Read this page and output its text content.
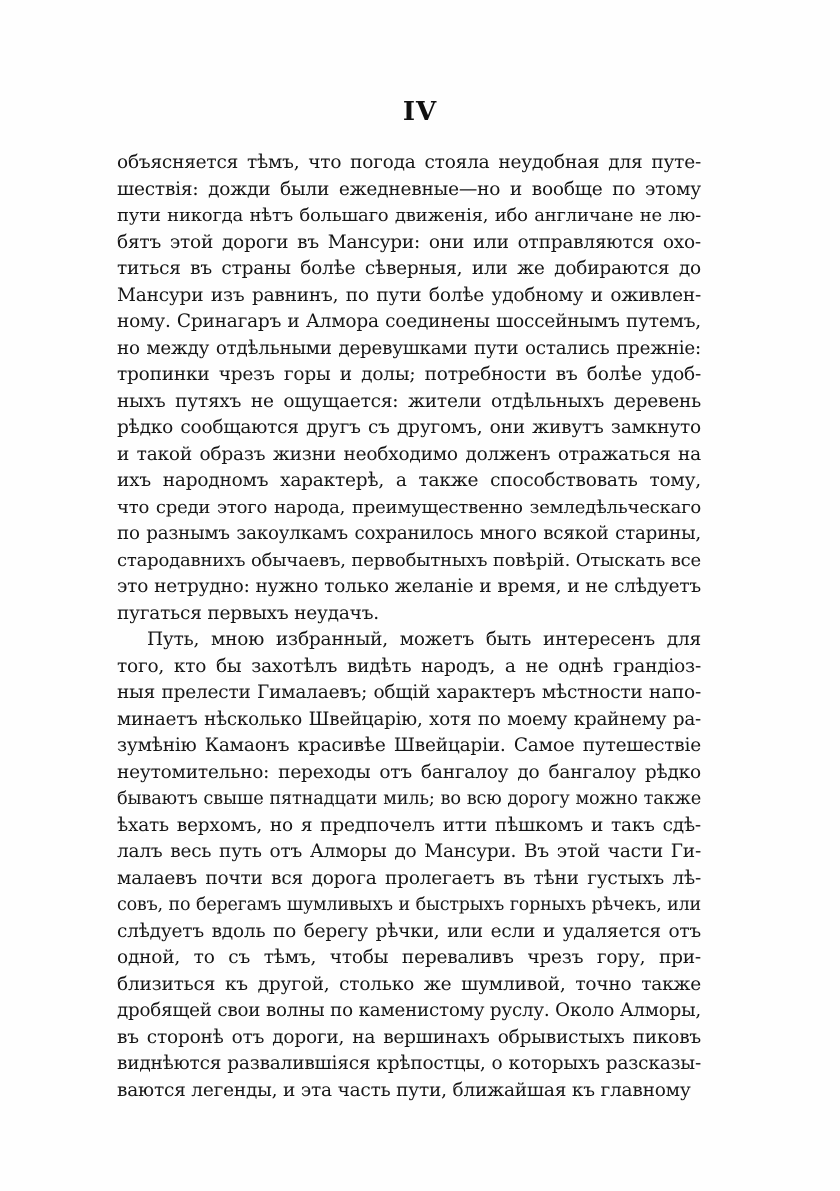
IV
объясняется тѣмъ, что погода стояла неудобная для путе-
шествія: дожди были ежедневные—но и вообще по этому
пути никогда нѣтъ большаго движенія, ибо англичане не лю-
бятъ этой дороги въ Мансури: они или отправляются охо-
титься въ страны болѣе сѣверныя, или же добираются до
Мансури изъ равнинъ, по пути болѣе удобному и оживлен-
ному. Сринагаръ и Алмора соединены шоссейнымъ путемъ,
но между отдѣльными деревушками пути остались прежніе:
тропинки чрезъ горы и долы; потребности въ болѣе удоб-
ныхъ путяхъ не ощущается: жители отдѣльныхъ деревень
рѣдко сообщаются другъ съ другомъ, они живутъ замкнуто
и такой образъ жизни необходимо долженъ отражаться на
ихъ народномъ характерѣ, а также способствовать тому,
что среди этого народа, преимущественно земледѣльческаго
по разнымъ закоулкамъ сохранилось много всякой старины,
стародавнихъ обычаевъ, первобытныхъ повѣрій. Отыскать все
это нетрудно: нужно только желаніе и время, и не слѣдуетъ
пугаться первыхъ неудачъ.
Путь, мною избранный, можетъ быть интересенъ для
того, кто бы захотѣлъ видѣть народъ, а не однѣ грандіоз-
ныя прелести Гималаевъ; общій характеръ мѣстности напо-
минаетъ нѣсколько Швейцарію, хотя по моему крайнему ра-
зумѣнію Камаонъ красивѣе Швейцаріи. Самое путешествіе
неутомительно: переходы отъ бангалоу до бангалоу рѣдко
бываютъ свыше пятнадцати миль; во всю дорогу можно также
ѣхать верхомъ, но я предпочелъ итти пѣшкомъ и такъ сдѣ-
лалъ весь путь отъ Алморы до Мансури. Въ этой части Ги-
малаевъ почти вся дорога пролегаетъ въ тѣни густыхъ лѣ-
совъ, по берегамъ шумливыхъ и быстрыхъ горныхъ рѣчекъ, или
слѣдуетъ вдоль по берегу рѣчки, или если и удаляется отъ
одной, то съ тѣмъ, чтобы переваливъ чрезъ гору, при-
близиться къ другой, столько же шумливой, точно также
дробящей свои волны по каменистому руслу. Около Алморы,
въ сторонѣ отъ дороги, на вершинахъ обрывистыхъ пиковъ
виднѣются развалившіяся крѣпостцы, о которыхъ разсказы-
ваются легенды, и эта часть пути, ближайшая къ главному
